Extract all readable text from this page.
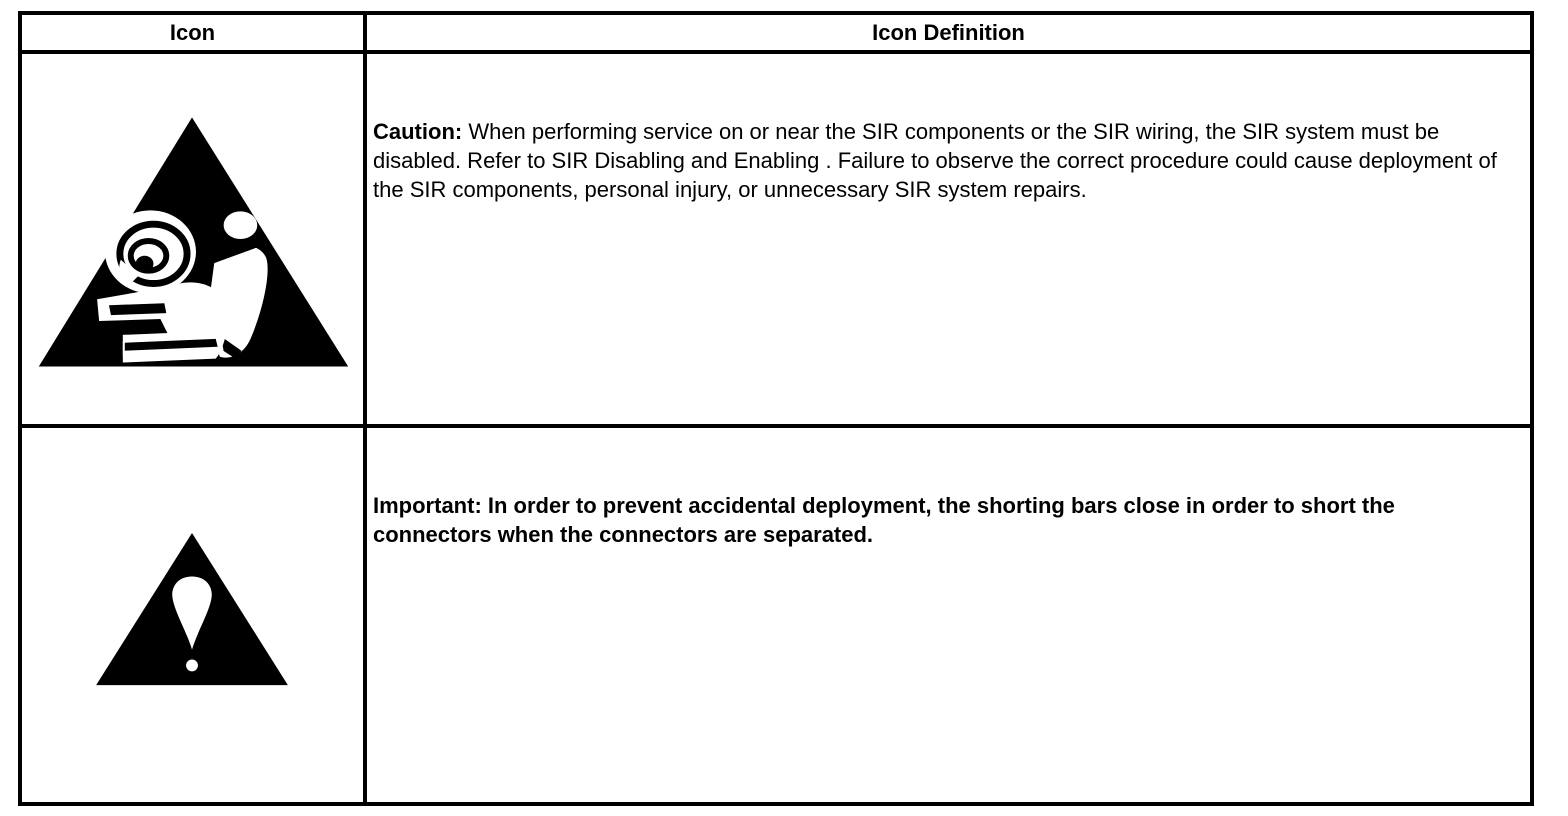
Icon	Icon Definition
Caution: When performing service on or near the SIR components or the SIR wiring, the SIR system must be disabled. Refer to SIR Disabling and Enabling . Failure to observe the correct procedure could cause deployment of the SIR components, personal injury, or unnecessary SIR system repairs.
Important: In order to prevent accidental deployment, the shorting bars close in order to short the connectors when the connectors are separated.
